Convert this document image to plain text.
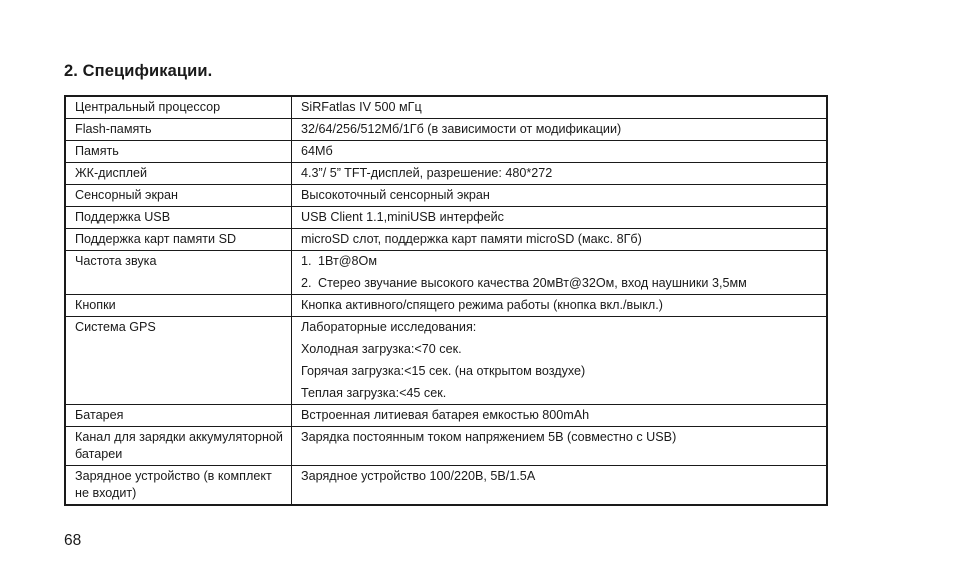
2. Спецификации.
Центральный процессор	SiRFatlas IV 500 мГц
Flash-память	32/64/256/512Мб/1Гб (в зависимости от модификации)
Память	64Мб
ЖК-дисплей	4.3”/ 5” TFT-дисплей, разрешение: 480*272
Сенсорный экран	Высокоточный сенсорный экран
Поддержка USB	USB Client 1.1,miniUSB интерфейс
Поддержка карт памяти SD	microSD слот, поддержка карт памяти microSD (макс. 8Гб)
Частота звука	1. 1Вт@8Ом
2. Стерео звучание высокого качества 20мВт@32Ом, вход наушники 3,5мм

Кнопки	Кнопка активного/спящего режима работы (кнопка вкл./выкл.)
Система GPS	Лабораторные исследования:
Холодная загрузка:<70 сек.
Горячая загрузка:<15 сек. (на открытом воздухе)
Теплая загрузка:<45 сек.

Батарея	Встроенная литиевая батарея емкостью 800mAh
Канал для зарядки аккумуляторной батареи	Зарядка постоянным током напряжением 5В (совместно с USB)
Зарядное устройство (в комплект не входит)	Зарядное устройство 100/220В, 5В/1.5А

68
